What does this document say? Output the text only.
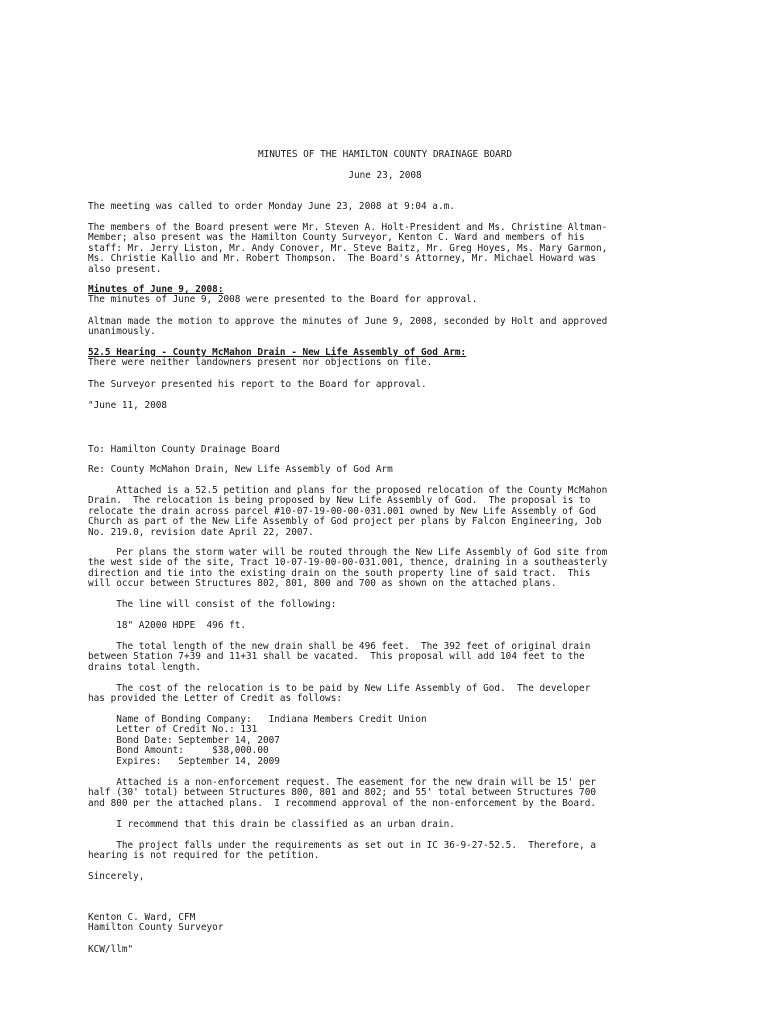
MINUTES OF THE HAMILTON COUNTY DRAINAGE BOARD
June 23, 2008
The meeting was called to order Monday June 23, 2008 at 9:04 a.m.
The members of the Board present were Mr. Steven A. Holt-President and Ms. Christine Altman-
Member; also present was the Hamilton County Surveyor, Kenton C. Ward and members of his
staff: Mr. Jerry Liston, Mr. Andy Conover, Mr. Steve Baitz, Mr. Greg Hoyes, Ms. Mary Garmon,
Ms. Christie Kallio and Mr. Robert Thompson.  The Board's Attorney, Mr. Michael Howard was
also present.
Minutes of June 9, 2008:
The minutes of June 9, 2008 were presented to the Board for approval.
Altman made the motion to approve the minutes of June 9, 2008, seconded by Holt and approved
unanimously.
52.5 Hearing - County McMahon Drain - New Life Assembly of God Arm:
There were neither landowners present nor objections on file.
The Surveyor presented his report to the Board for approval.
"June 11, 2008
To: Hamilton County Drainage Board
Re: County McMahon Drain, New Life Assembly of God Arm
Attached is a 52.5 petition and plans for the proposed relocation of the County McMahon
Drain.  The relocation is being proposed by New Life Assembly of God.  The proposal is to
relocate the drain across parcel #10-07-19-00-00-031.001 owned by New Life Assembly of God
Church as part of the New Life Assembly of God project per plans by Falcon Engineering, Job
No. 219.0, revision date April 22, 2007.
Per plans the storm water will be routed through the New Life Assembly of God site from
the west side of the site, Tract 10-07-19-00-00-031.001, thence, draining in a southeasterly
direction and tie into the existing drain on the south property line of said tract.  This
will occur between Structures 802, 801, 800 and 700 as shown on the attached plans.
The line will consist of the following:
18" A2000 HDPE  496 ft.
The total length of the new drain shall be 496 feet.  The 392 feet of original drain
between Station 7+39 and 11+31 shall be vacated.  This proposal will add 104 feet to the
drains total length.
The cost of the relocation is to be paid by New Life Assembly of God.  The developer
has provided the Letter of Credit as follows:
Name of Bonding Company:   Indiana Members Credit Union
Letter of Credit No.: 131
Bond Date: September 14, 2007
Bond Amount:     $38,000.00
Expires:   September 14, 2009
Attached is a non-enforcement request. The easement for the new drain will be 15' per
half (30' total) between Structures 800, 801 and 802; and 55' total between Structures 700
and 800 per the attached plans.  I recommend approval of the non-enforcement by the Board.
I recommend that this drain be classified as an urban drain.
The project falls under the requirements as set out in IC 36-9-27-52.5.  Therefore, a
hearing is not required for the petition.
Sincerely,
Kenton C. Ward, CFM
Hamilton County Surveyor
KCW/llm"
